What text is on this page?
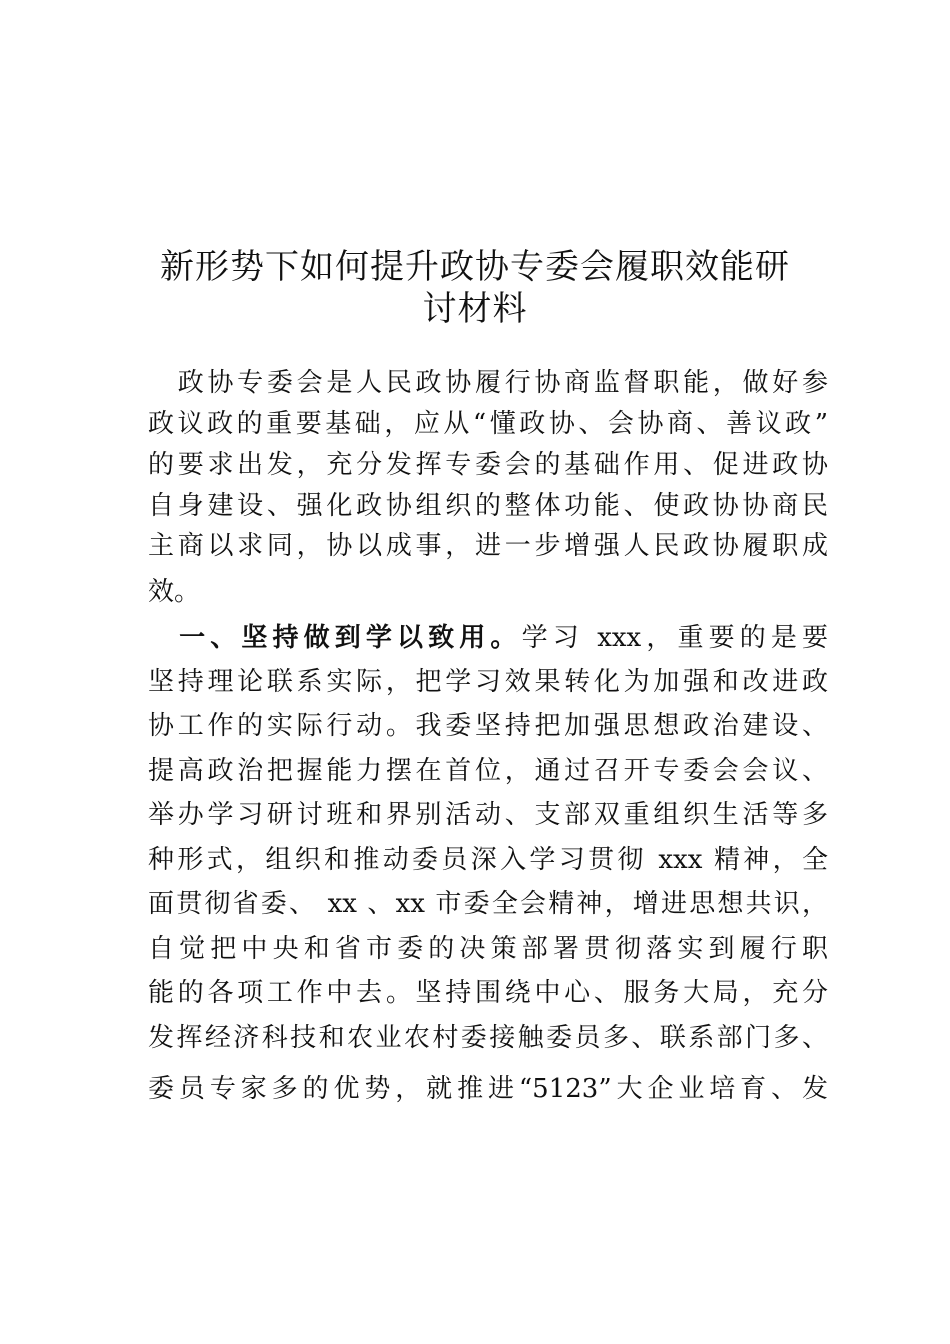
新形势下如何提升政协专委会履职效能研
讨材料
　政协专委会是人民政协履行协商监督职能，做好参
政议政的重要基础，应从“懂政协、会协商、善议政”
的要求出发，充分发挥专委会的基础作用、促进政协
自身建设、强化政协组织的整体功能、使政协协商民
主商以求同，协以成事，进一步增强人民政协履职成
效。
　一、坚持做到学以致用。学习 xxx，重要的是要
坚持理论联系实际，把学习效果转化为加强和改进政
协工作的实际行动。我委坚持把加强思想政治建设、
提高政治把握能力摆在首位，通过召开专委会会议、
举办学习研讨班和界别活动、支部双重组织生活等多
种形式，组织和推动委员深入学习贯彻 xxx 精神，全
面贯彻省委、 xx 、xx 市委全会精神，增进思想共识，
自觉把中央和省市委的决策部署贯彻落实到履行职
能的各项工作中去。坚持围绕中心、服务大局，充分
发挥经济科技和农业农村委接触委员多、联系部门多、
委员专家多的优势，就推进“5123”大企业培育、发
